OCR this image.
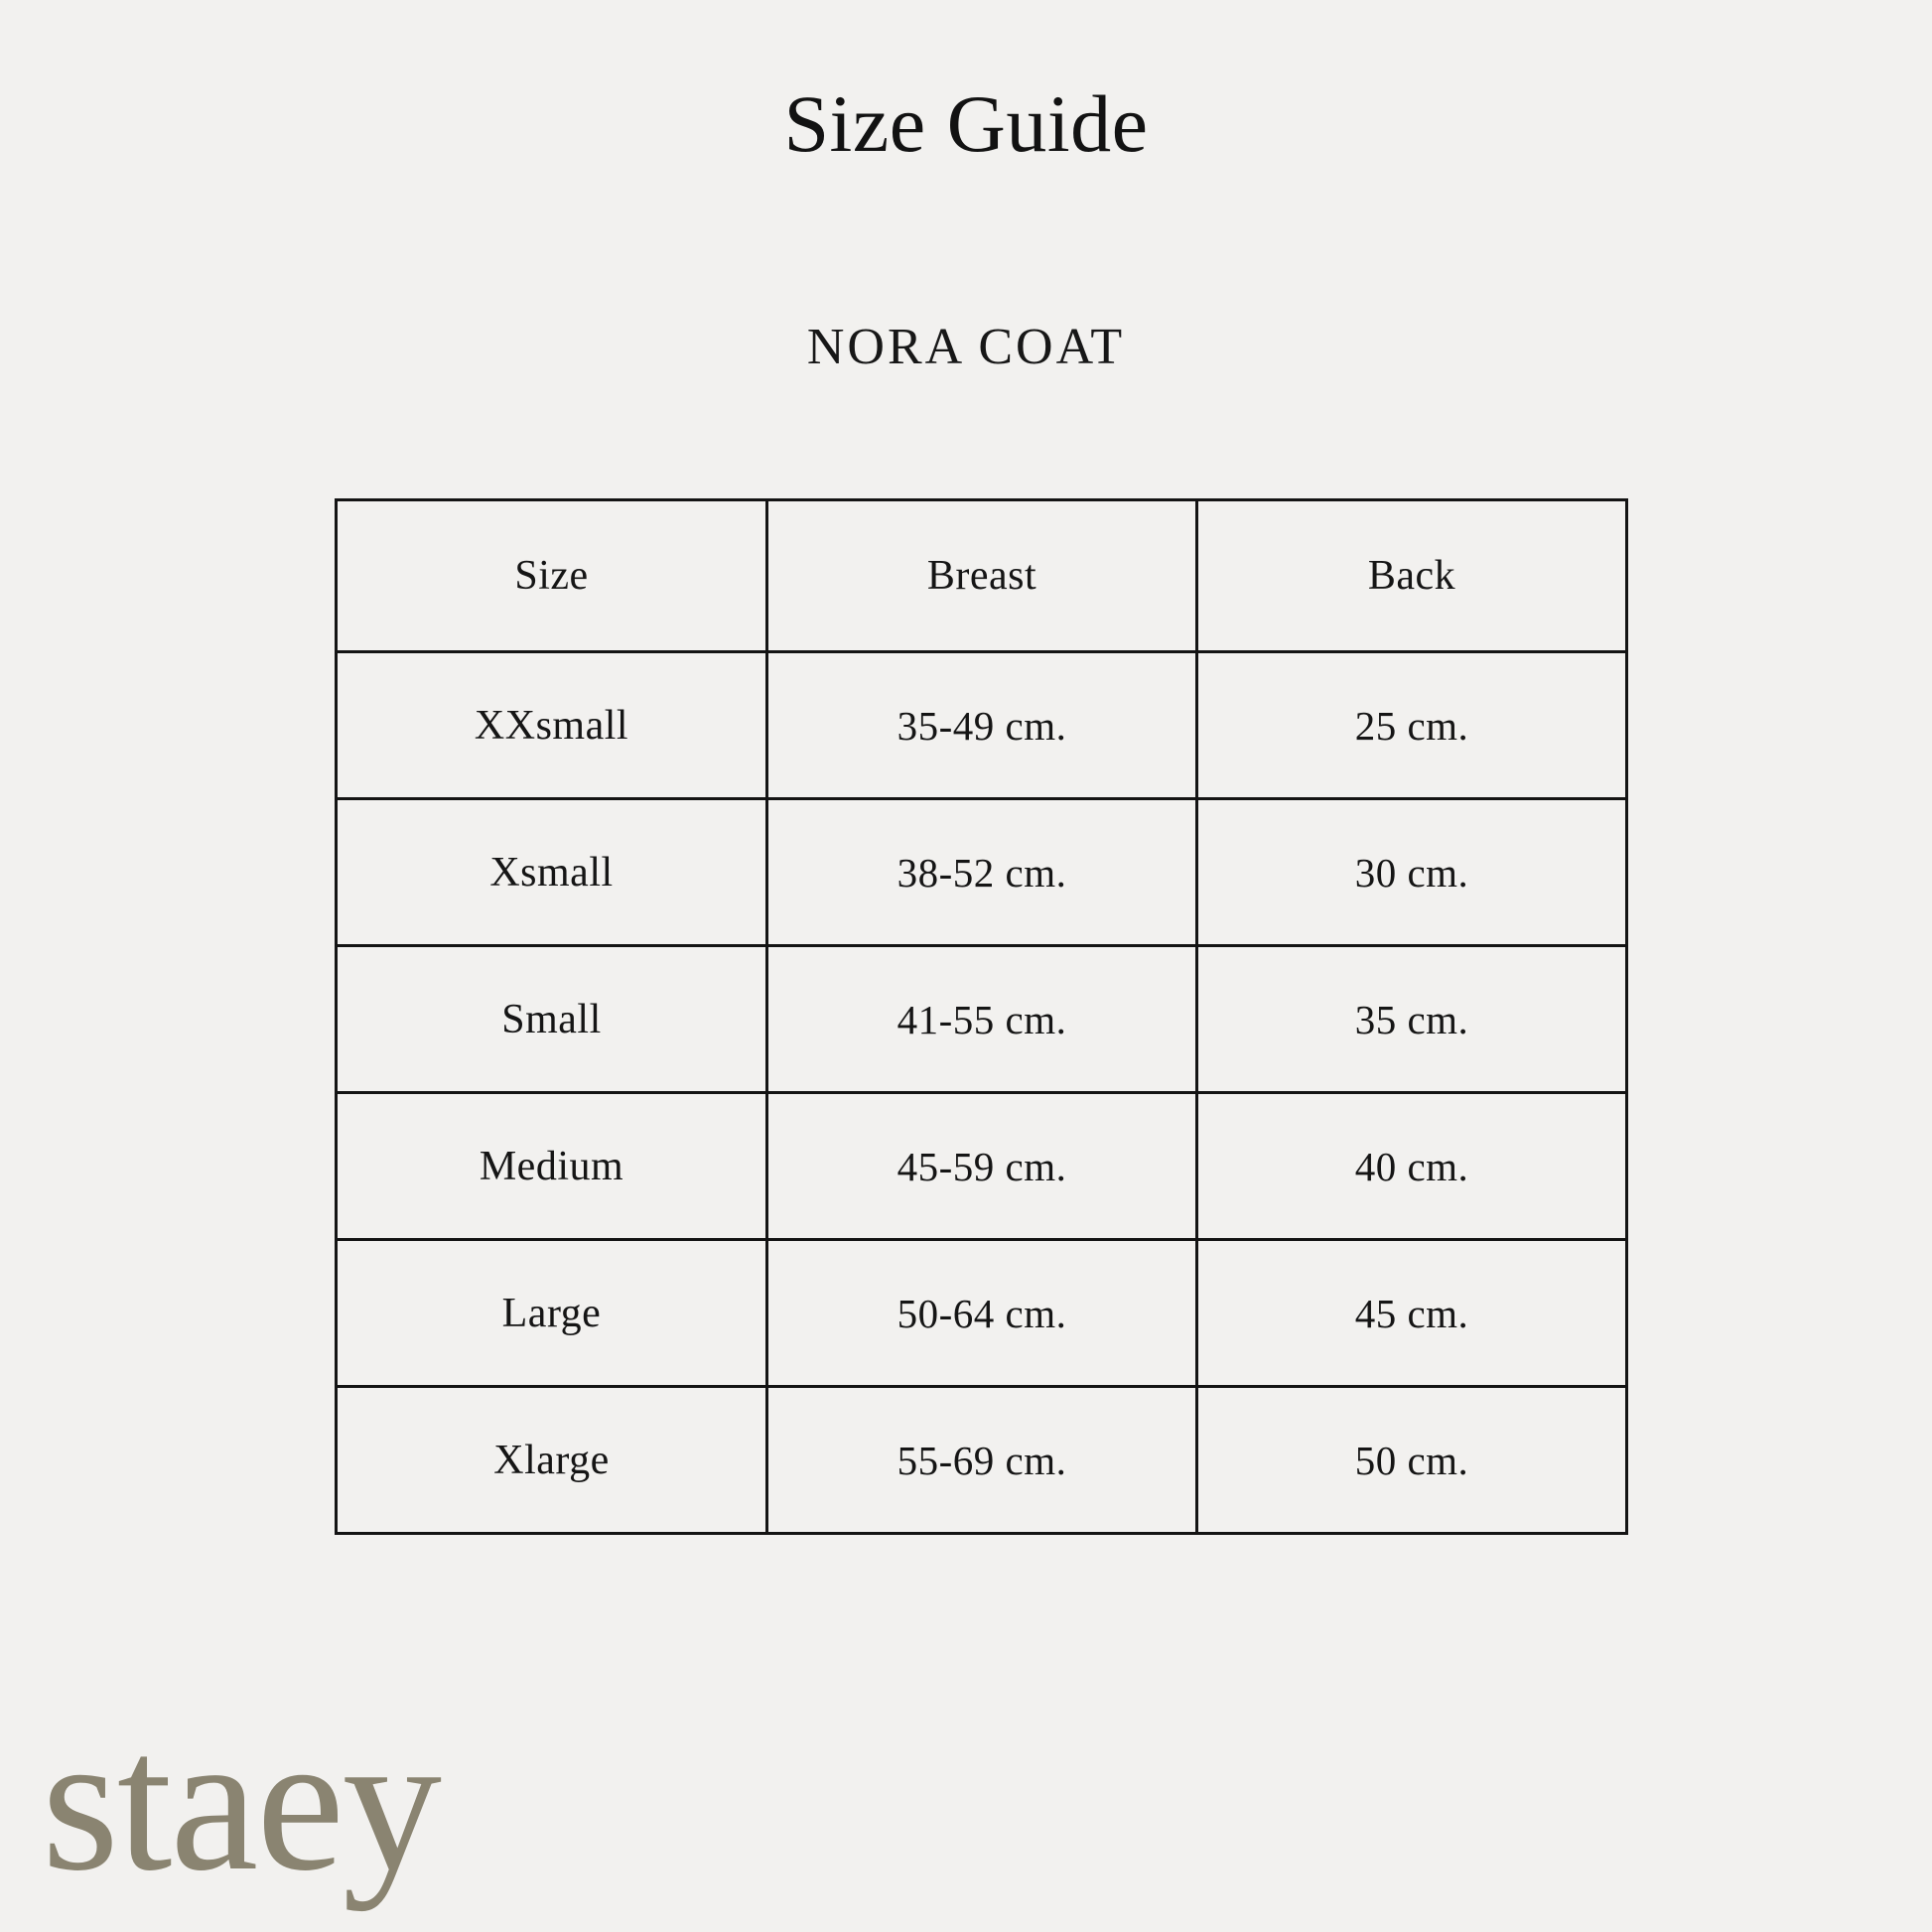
Size Guide
NORA COAT
Size	Breast	Back
XXsmall	35-49 cm.	25 cm.
Xsmall	38-52 cm.	30 cm.
Small	41-55 cm.	35 cm.
Medium	45-59 cm.	40 cm.
Large	50-64 cm.	45 cm.
Xlarge	55-69 cm.	50 cm.
staey
